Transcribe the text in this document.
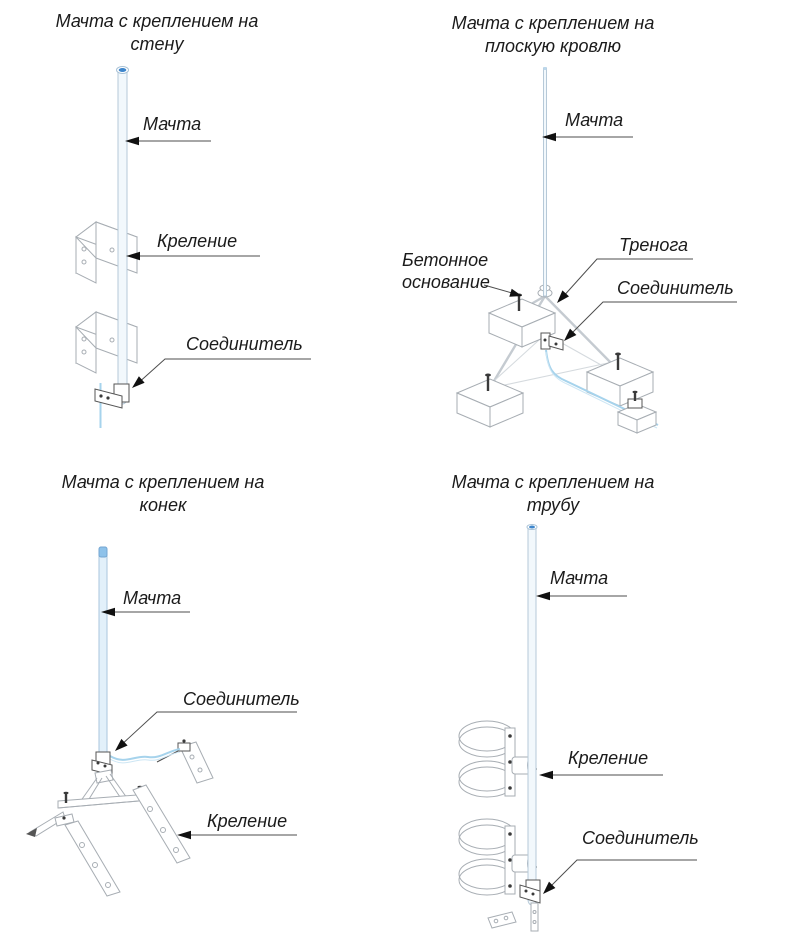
Мачта с креплением на
стену
Мачта
Креление
Соединитель
Мачта с креплением на
плоскую кровлю
Мачта
Тренога
Соединитель
Бетонное
основание
Мачта с креплением на
конек
Мачта
Соединитель
Креление
Мачта с креплением на
трубу
Мачта
Креление
Соединитель
